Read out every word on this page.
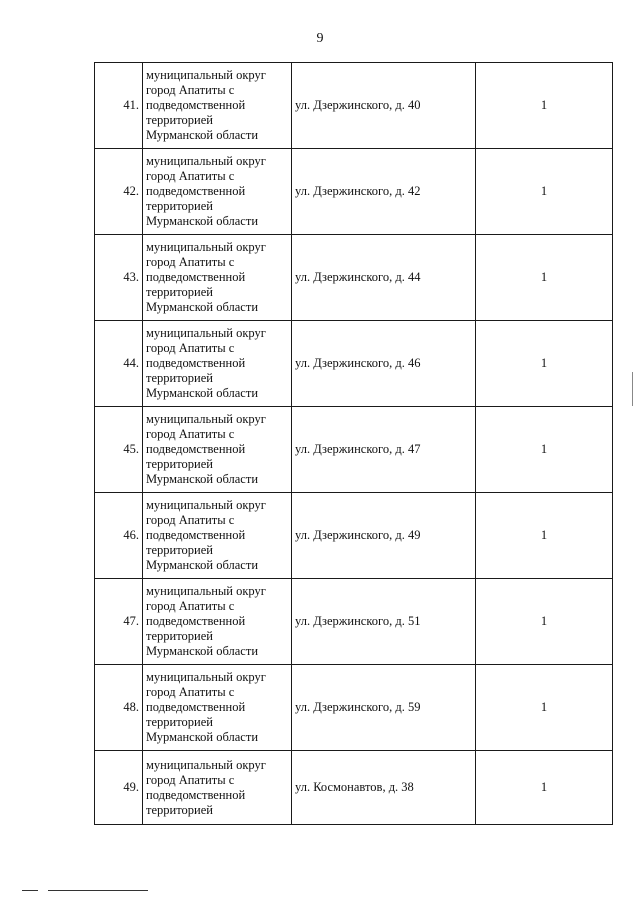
9
41.	муниципальный округ
город Апатиты с
подведомственной
территорией
Мурманской области	ул. Дзержинского, д. 40	1
42.	муниципальный округ
город Апатиты с
подведомственной
территорией
Мурманской области	ул. Дзержинского, д. 42	1
43.	муниципальный округ
город Апатиты с
подведомственной
территорией
Мурманской области	ул. Дзержинского, д. 44	1
44.	муниципальный округ
город Апатиты с
подведомственной
территорией
Мурманской области	ул. Дзержинского, д. 46	1
45.	муниципальный округ
город Апатиты с
подведомственной
территорией
Мурманской области	ул. Дзержинского, д. 47	1
46.	муниципальный округ
город Апатиты с
подведомственной
территорией
Мурманской области	ул. Дзержинского, д. 49	1
47.	муниципальный округ
город Апатиты с
подведомственной
территорией
Мурманской области	ул. Дзержинского, д. 51	1
48.	муниципальный округ
город Апатиты с
подведомственной
территорией
Мурманской области	ул. Дзержинского, д. 59	1
49.	муниципальный округ
город Апатиты с
подведомственной
территорией	ул. Космонавтов, д. 38	1
